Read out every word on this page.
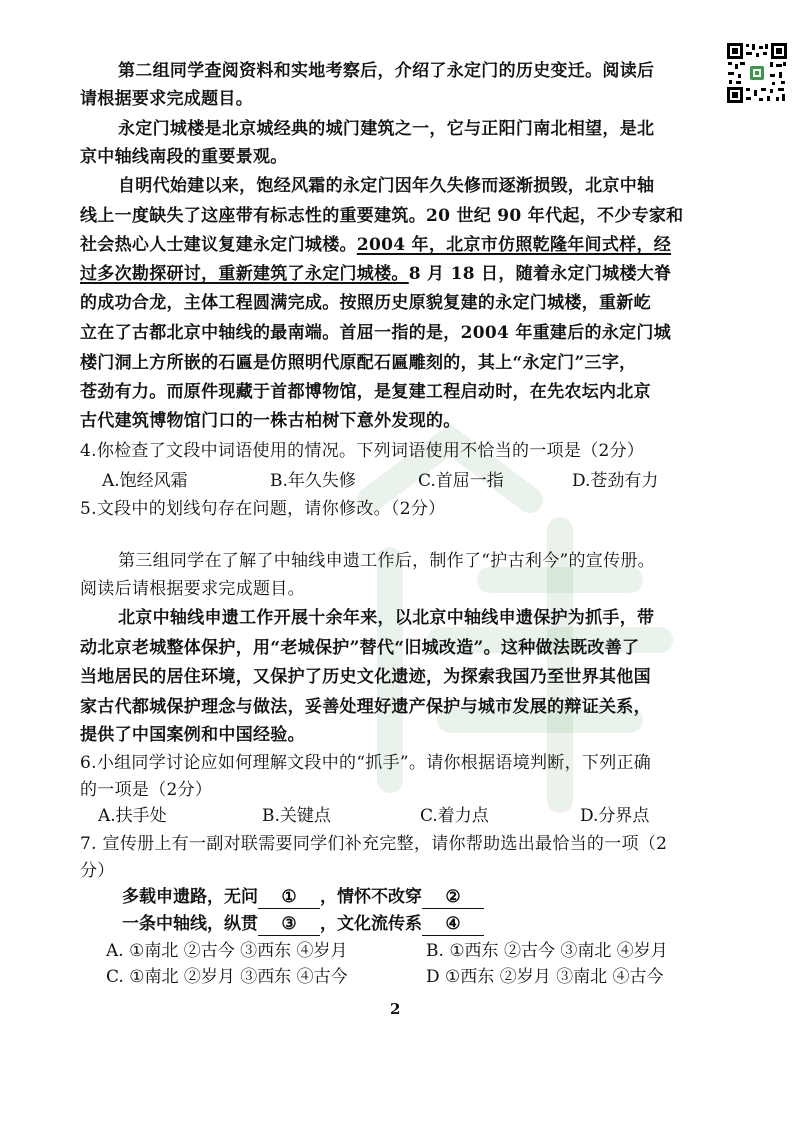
第二组同学查阅资料和实地考察后，介绍了永定门的历史变迁。阅读后
请根据要求完成题目。
永定门城楼是北京城经典的城门建筑之一，它与正阳门南北相望，是北
京中轴线南段的重要景观。
自明代始建以来，饱经风霜的永定门因年久失修而逐渐损毁，北京中轴
线上一度缺失了这座带有标志性的重要建筑。20 世纪 90 年代起，不少专家和
社会热心人士建议复建永定门城楼。2004 年，北京市仿照乾隆年间式样，经
过多次勘探研讨，重新建筑了永定门城楼。8 月 18 日，随着永定门城楼大脊
的成功合龙，主体工程圆满完成。按照历史原貌复建的永定门城楼，重新屹
立在了古都北京中轴线的最南端。首屈一指的是，2004 年重建后的永定门城
楼门洞上方所嵌的石匾是仿照明代原配石匾雕刻的，其上“永定门”三字，
苍劲有力。而原件现藏于首都博物馆，是复建工程启动时，在先农坛内北京
古代建筑博物馆门口的一株古柏树下意外发现的。
4.你检查了文段中词语使用的情况。下列词语使用不恰当的一项是（2分）
A.饱经风霜	B.年久失修	C.首屈一指	D.苍劲有力
5.文段中的划线句存在问题，请你修改。（2分）
第三组同学在了解了中轴线申遗工作后，制作了“护古利今”的宣传册。
阅读后请根据要求完成题目。
北京中轴线申遗工作开展十余年来，以北京中轴线申遗保护为抓手，带
动北京老城整体保护，用“老城保护”替代“旧城改造”。这种做法既改善了
当地居民的居住环境，又保护了历史文化遗迹，为探索我国乃至世界其他国
家古代都城保护理念与做法，妥善处理好遗产保护与城市发展的辩证关系，
提供了中国案例和中国经验。
6.小组同学讨论应如何理解文段中的“抓手”。请你根据语境判断，下列正确
的一项是（2分）
A.扶手处	B.关键点	C.着力点	D.分界点
7. 宣传册上有一副对联需要同学们补充完整，请你帮助选出最恰当的一项（2
分）
多载申遗路，无问 ① ，情怀不改穿 ②
一条中轴线，纵贯 ③ ，文化流传系 ④
A. ①南北 ②古今 ③西东 ④岁月	B. ①西东 ②古今 ③南北 ④岁月
C. ①南北 ②岁月 ③西东 ④古今	D ①西东 ②岁月 ③南北 ④古今
2
